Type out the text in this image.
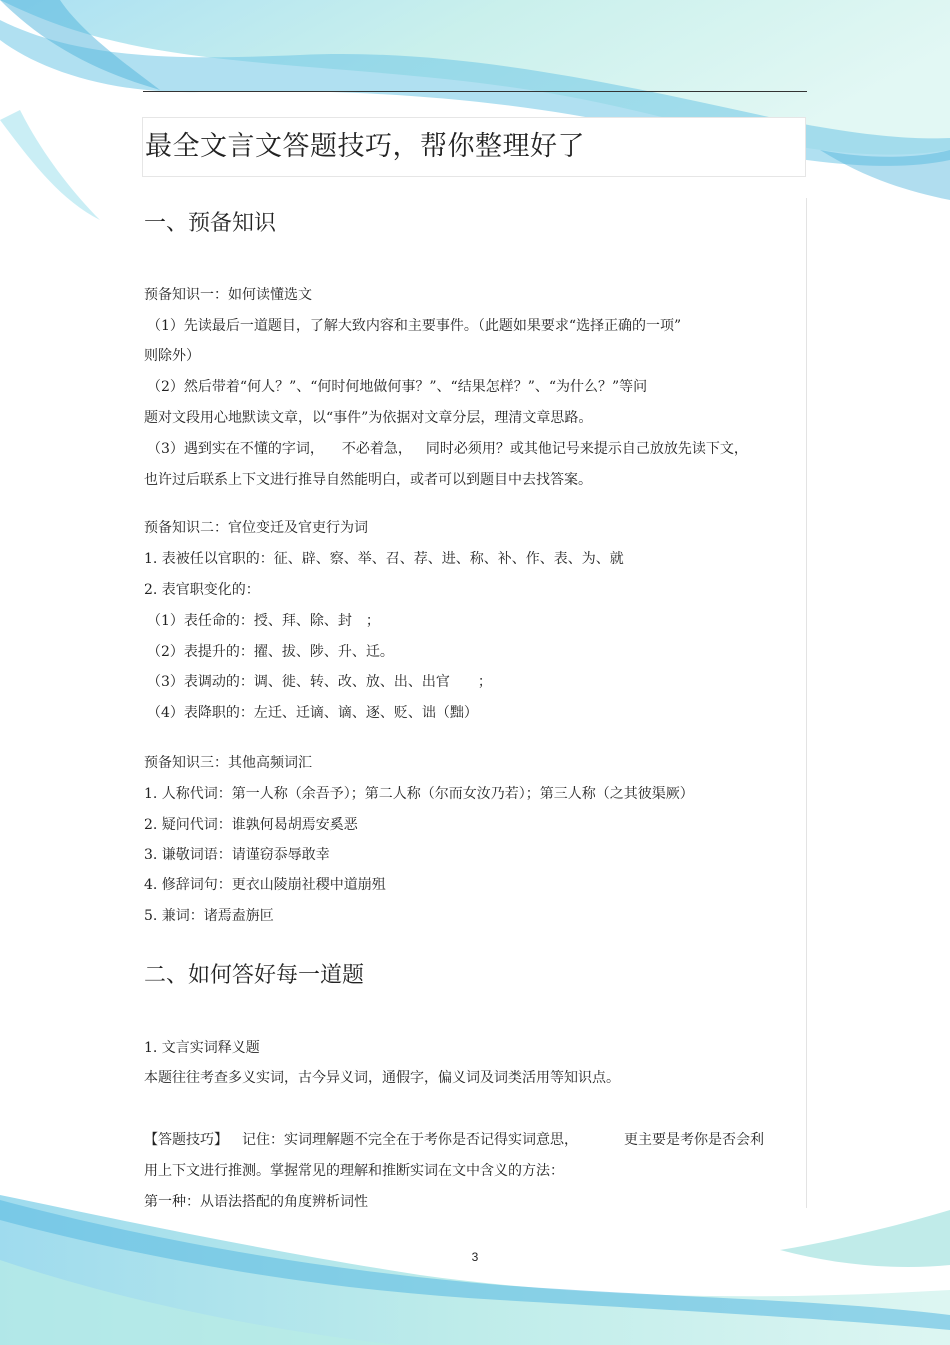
最全文言文答题技巧，帮你整理好了
一、预备知识

预备知识一：如何读懂选文

（1）先读最后一道题目，了解大致内容和主要事件。（此题如果要求“选择正确的一项”

则除外）

（2）然后带着“何人？”、“何时何地做何事？”、“结果怎样？”、“为什么？”等问

题对文段用心地默读文章，以“事件”为依据对文章分层，理清文章思路。

（3）遇到实在不懂的字词， 不必着急， 同时必须用？或其他记号来提示自己放放先读下文，

也许过后联系上下文进行推导自然能明白，或者可以到题目中去找答案。

预备知识二：官位变迁及官吏行为词

1. 表被任以官职的：征、辟、察、举、召、荐、进、称、补、作、表、为、就

2. 表官职变化的：

（1）表任命的：授、拜、除、封　；

（2）表提升的：擢、拔、陟、升、迁。

（3）表调动的：调、徙、转、改、放、出、出官　　；

（4）表降职的：左迁、迁谪、谪、逐、贬、诎（黜）

预备知识三：其他高频词汇

1. 人称代词：第一人称（余吾予）；第二人称（尔而女汝乃若）；第三人称（之其彼渠厥）

2. 疑问代词：谁孰何曷胡焉安奚恶

3. 谦敬词语：请谨窃忝辱敢幸

4. 修辞词句：更衣山陵崩社稷中道崩殂

5. 兼词：诸焉盍旃叵

二、如何答好每一道题

1. 文言实词释义题

本题往往考查多义实词，古今异义词，通假字，偏义词及词类活用等知识点。

【答题技巧】 记住：实词理解题不完全在于考你是否记得实词意思，	更主要是考你是否会利

用上下文进行推测。掌握常见的理解和推断实词在文中含义的方法：

第一种：从语法搭配的角度辨析词性

3
